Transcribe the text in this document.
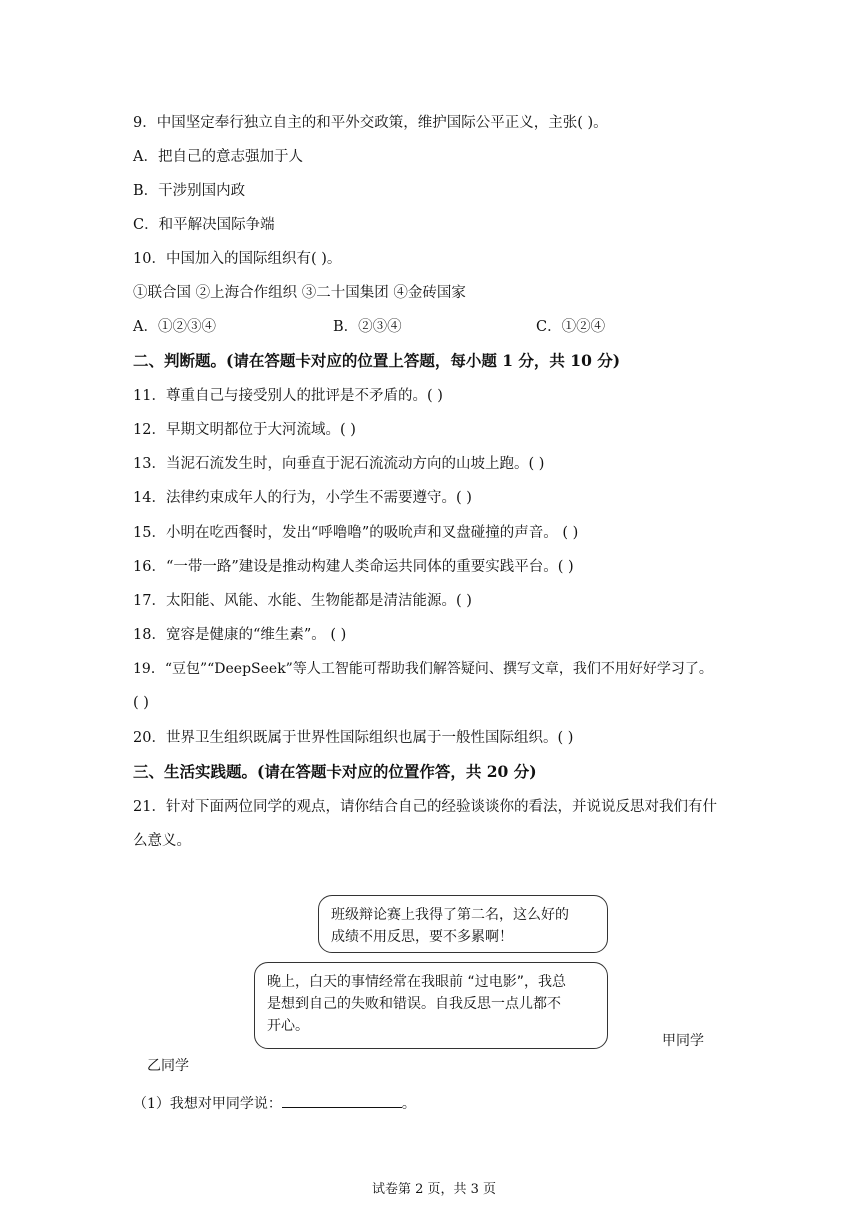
9．中国坚定奉行独立自主的和平外交政策，维护国际公平正义，主张( )。
A．把自己的意志强加于人
B．干涉别国内政
C．和平解决国际争端
10．中国加入的国际组织有( )。
①联合国 ②上海合作组织 ③二十国集团 ④金砖国家
A．①②③④	B．②③④	C．①②④
二、判断题。(请在答题卡对应的位置上答题，每小题 1 分，共 10 分)
11．尊重自己与接受别人的批评是不矛盾的。( )
12．早期文明都位于大河流域。( )
13．当泥石流发生时，向垂直于泥石流流动方向的山坡上跑。( )
14．法律约束成年人的行为，小学生不需要遵守。( )
15．小明在吃西餐时，发出“呼噜噜”的吸吮声和叉盘碰撞的声音。 ( )
16．“一带一路”建设是推动构建人类命运共同体的重要实践平台。( )
17．太阳能、风能、水能、生物能都是清洁能源。( )
18．宽容是健康的“维生素”。 ( )
19．“豆包”“DeepSeek”等人工智能可帮助我们解答疑问、撰写文章，我们不用好好学习了。
( )
20．世界卫生组织既属于世界性国际组织也属于一般性国际组织。( )
三、生活实践题。(请在答题卡对应的位置作答，共 20 分)
21．针对下面两位同学的观点，请你结合自己的经验谈谈你的看法，并说说反思对我们有什
么意义。
班级辩论赛上我得了第二名，这么好的
成绩不用反思，要不多累啊！
晚上，白天的事情经常在我眼前 “过电影”，我总
是想到自己的失败和错误。自我反思一点儿都不
开心。
甲同学
乙同学
（1）我想对甲同学说：	。
试卷第 2 页，共 3 页
